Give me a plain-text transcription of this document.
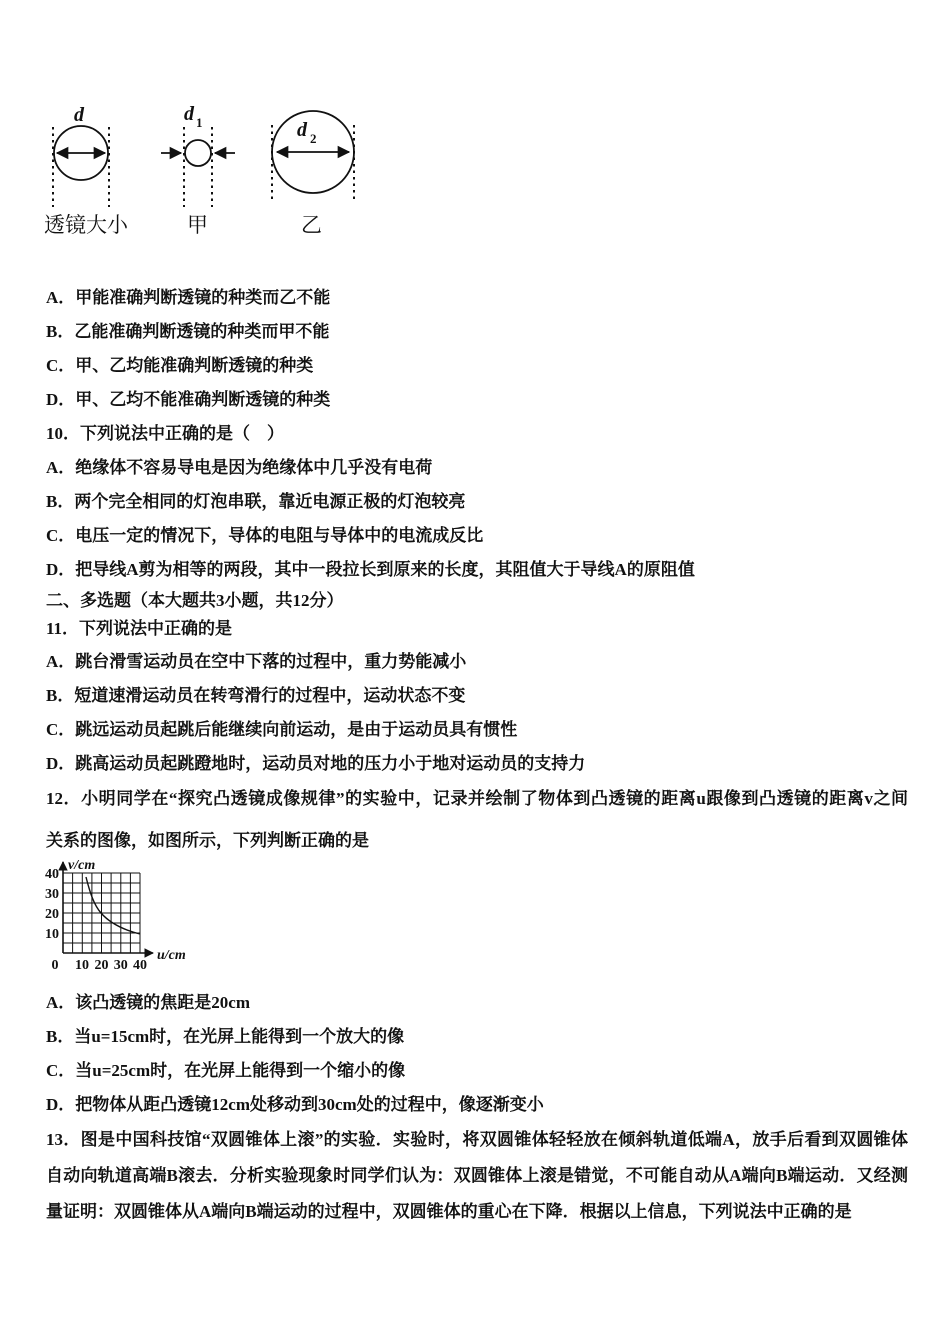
d
透镜大小
d 1
甲
d 2
乙
A．甲能准确判断透镜的种类而乙不能
B．乙能准确判断透镜的种类而甲不能
C．甲、乙均能准确判断透镜的种类
D．甲、乙均不能准确判断透镜的种类
10．下列说法中正确的是（　）
A．绝缘体不容易导电是因为绝缘体中几乎没有电荷
B．两个完全相同的灯泡串联，靠近电源正极的灯泡较亮
C．电压一定的情况下，导体的电阻与导体中的电流成反比
D．把导线A剪为相等的两段，其中一段拉长到原来的长度，其阻值大于导线A的原阻值
二、多选题（本大题共3小题，共12分）
11．下列说法中正确的是
A．跳台滑雪运动员在空中下落的过程中，重力势能减小
B．短道速滑运动员在转弯滑行的过程中，运动状态不变
C．跳远运动员起跳后能继续向前运动，是由于运动员具有惯性
D．跳高运动员起跳蹬地时，运动员对地的压力小于地对运动员的支持力
12．小明同学在“探究凸透镜成像规律”的实验中，记录并绘制了物体到凸透镜的距离u跟像到凸透镜的距离v之间
关系的图像，如图所示，下列判断正确的是
v/cm
u/cm
40
30
20
10
0 10 20 30 40
A．该凸透镜的焦距是20cm
B．当u=15cm时，在光屏上能得到一个放大的像
C．当u=25cm时，在光屏上能得到一个缩小的像
D．把物体从距凸透镜12cm处移动到30cm处的过程中，像逐渐变小
13．图是中国科技馆“双圆锥体上滚”的实验．实验时，将双圆锥体轻轻放在倾斜轨道低端A，放手后看到双圆锥体
自动向轨道高端B滚去．分析实验现象时同学们认为：双圆锥体上滚是错觉，不可能自动从A端向B端运动．又经测
量证明：双圆锥体从A端向B端运动的过程中，双圆锥体的重心在下降．根据以上信息，下列说法中正确的是
